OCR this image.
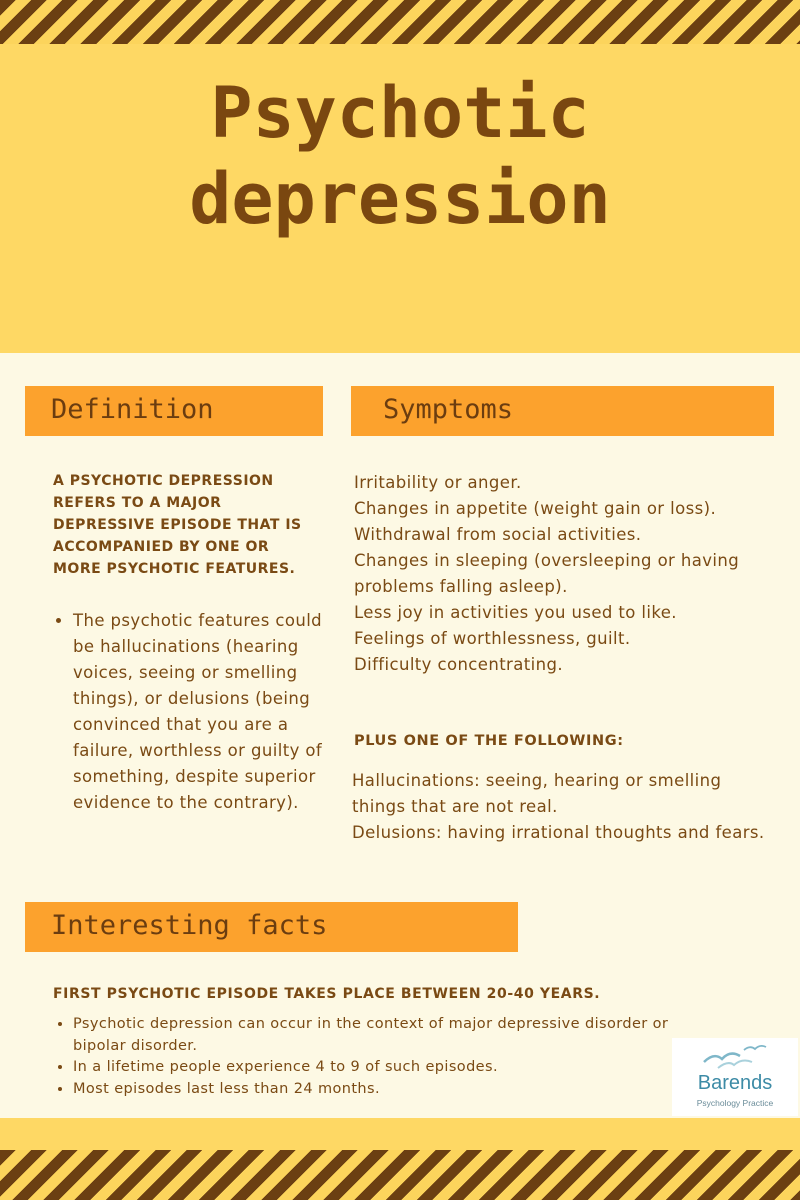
Psychotic
depression
Definition	Symptoms
A PSYCHOTIC DEPRESSION REFERS TO A MAJOR DEPRESSIVE EPISODE THAT IS ACCOMPANIED BY ONE OR MORE PSYCHOTIC FEATURES.
• The psychotic features could be hallucinations (hearing voices, seeing or smelling things), or delusions (being convinced that you are a failure, worthless or guilty of something, despite superior evidence to the contrary).
Irritability or anger.
Changes in appetite (weight gain or loss).
Withdrawal from social activities.
Changes in sleeping (oversleeping or having problems falling asleep).
Less joy in activities you used to like.
Feelings of worthlessness, guilt.
Difficulty concentrating.
PLUS ONE OF THE FOLLOWING:
Hallucinations: seeing, hearing or smelling things that are not real.
Delusions: having irrational thoughts and fears.
Interesting facts
FIRST PSYCHOTIC EPISODE TAKES PLACE BETWEEN 20-40 YEARS.
• Psychotic depression can occur in the context of major depressive disorder or bipolar disorder.
• In a lifetime people experience 4 to 9 of such episodes.
• Most episodes last less than 24 months.	Barends
Psychology Practice
